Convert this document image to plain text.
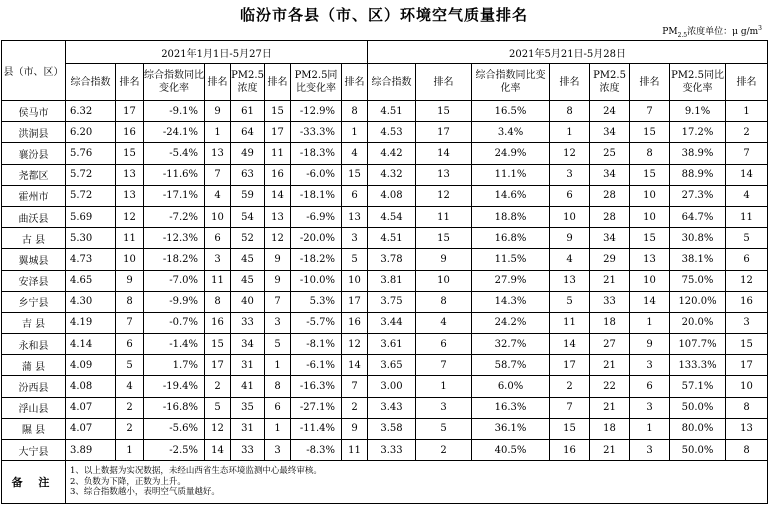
临汾市各县（市、区）环境空气质量排名
$PM_{2.5}$浓度单位：μ $g/m^3$
县（市、区）	2021年1月1日-5月27日								2021年5月21日-5月28日							
	综合指数	排名	综合指数同比变化率	排名	PM2.5浓度	排名	PM2.5同比变化率	排名	综合指数	排名	综合指数同比变化率	排名	PM2.5浓度	排名	PM2.5同比变化率	排名
侯马市	6.32	17	-9.1%	9	61	15	-12.9%	8	4.51	15	16.5%	8	24	7	9.1%	1
洪洞县	6.20	16	-24.1%	1	64	17	-33.3%	1	4.53	17	3.4%	1	34	15	17.2%	2
襄汾县	5.76	15	-5.4%	13	49	11	-18.3%	4	4.42	14	24.9%	12	25	8	38.9%	7
尧都区	5.72	13	-11.6%	7	63	16	-6.0%	15	4.32	13	11.1%	3	34	15	88.9%	14
霍州市	5.72	13	-17.1%	4	59	14	-18.1%	6	4.08	12	14.6%	6	28	10	27.3%	4
曲沃县	5.69	12	-7.2%	10	54	13	-6.9%	13	4.54	11	18.8%	10	28	10	64.7%	11
古 县	5.30	11	-12.3%	6	52	12	-20.0%	3	4.51	15	16.8%	9	34	15	30.8%	5
翼城县	4.73	10	-18.2%	3	45	9	-18.2%	5	3.78	9	11.5%	4	29	13	38.1%	6
安泽县	4.65	9	-7.0%	11	45	9	-10.0%	10	3.81	10	27.9%	13	21	10	75.0%	12
乡宁县	4.30	8	-9.9%	8	40	7	5.3%	17	3.75	8	14.3%	5	33	14	120.0%	16
吉 县	4.19	7	-0.7%	16	33	3	-5.7%	16	3.44	4	24.2%	11	18	1	20.0%	3
永和县	4.14	6	-1.4%	15	34	5	-8.1%	12	3.61	6	32.7%	14	27	9	107.7%	15
蒲 县	4.09	5	1.7%	17	31	1	-6.1%	14	3.65	7	58.7%	17	21	3	133.3%	17
汾西县	4.08	4	-19.4%	2	41	8	-16.3%	7	3.00	1	6.0%	2	22	6	57.1%	10
浮山县	4.07	2	-16.8%	5	35	6	-27.1%	2	3.43	3	16.3%	7	21	3	50.0%	8
隰 县	4.07	2	-5.6%	12	31	1	-11.4%	9	3.58	5	36.1%	15	18	1	80.0%	13
大宁县	3.89	1	-2.5%	14	33	3	-8.3%	11	3.33	2	40.5%	16	21	3	50.0%	8
备 注	1、以上数据为实况数据，未经山西省生态环境监测中心最终审核。
2、负数为下降，正数为上升。
3、综合指数越小，表明空气质量越好。															
